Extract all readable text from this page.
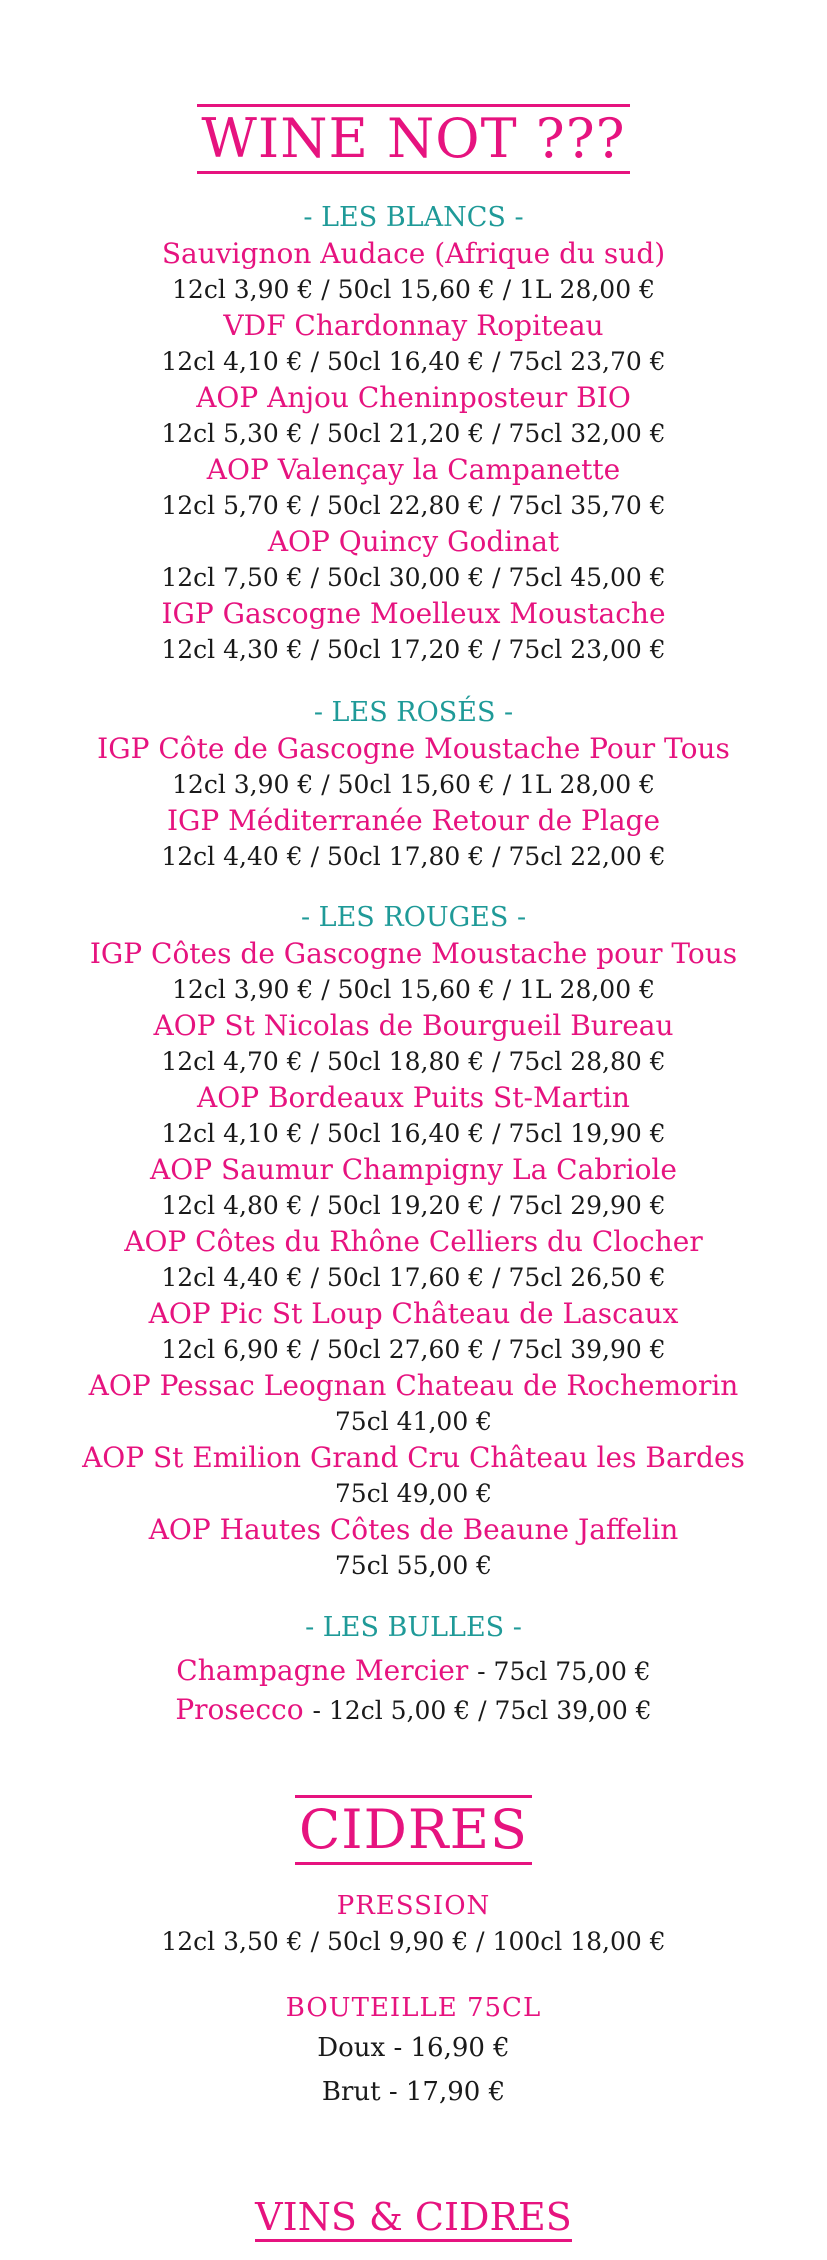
WINE NOT ???

- LES BLANCS -

Sauvignon Audace (Afrique du sud)

12cl 3,90 € / 50cl 15,60 € / 1L 28,00 €

VDF Chardonnay Ropiteau

12cl 4,10 € / 50cl 16,40 € / 75cl 23,70 €

AOP Anjou Cheninposteur BIO

12cl 5,30 € / 50cl 21,20 € / 75cl 32,00 €

AOP Valençay la Campanette

12cl 5,70 € / 50cl 22,80 € / 75cl 35,70 €

AOP Quincy Godinat

12cl 7,50 € / 50cl 30,00 € / 75cl 45,00 €

IGP Gascogne Moelleux Moustache

12cl 4,30 € / 50cl 17,20 € / 75cl 23,00 €

- LES ROSÉS -

IGP Côte de Gascogne Moustache Pour Tous

12cl 3,90 € / 50cl 15,60 € / 1L 28,00 €

IGP Méditerranée Retour de Plage

12cl 4,40 € / 50cl 17,80 € / 75cl 22,00 €

- LES ROUGES -

IGP Côtes de Gascogne Moustache pour Tous

12cl 3,90 € / 50cl 15,60 € / 1L 28,00 €

AOP St Nicolas de Bourgueil Bureau

12cl 4,70 € / 50cl 18,80 € / 75cl 28,80 €

AOP Bordeaux Puits St-Martin

12cl 4,10 € / 50cl 16,40 € / 75cl 19,90 €

AOP Saumur Champigny La Cabriole

12cl 4,80 € / 50cl 19,20 € / 75cl 29,90 €

AOP Côtes du Rhône Celliers du Clocher

12cl 4,40 € / 50cl 17,60 € / 75cl 26,50 €

AOP Pic St Loup Château de Lascaux

12cl 6,90 € / 50cl 27,60 € / 75cl 39,90 €

AOP Pessac Leognan Chateau de Rochemorin

75cl 41,00 €

AOP St Emilion Grand Cru Château les Bardes

75cl 49,00 €

AOP Hautes Côtes de Beaune Jaffelin

75cl 55,00 €

- LES BULLES -

Champagne Mercier - 75cl 75,00 €

Prosecco - 12cl 5,00 € / 75cl 39,00 €

CIDRES

PRESSION

12cl 3,50 € / 50cl 9,90 € / 100cl 18,00 €

BOUTEILLE 75CL

Doux - 16,90 €

Brut - 17,90 €

VINS & CIDRES
